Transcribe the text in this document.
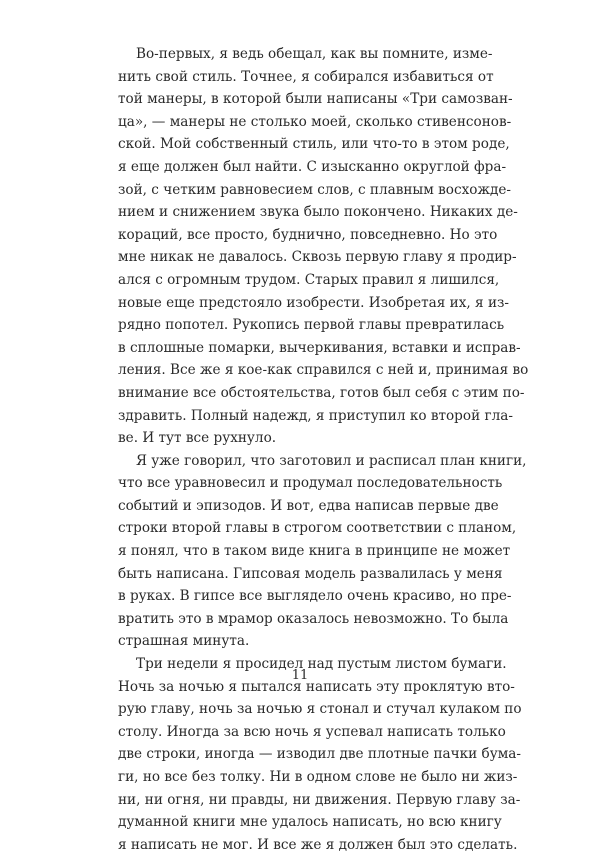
Во-первых, я ведь обещал, как вы помните, изме-
нить свой стиль. Точнее, я собирался избавиться от
той манеры, в которой были написаны «Три самозван-
ца», — манеры не столько моей, сколько стивенсонов-
ской. Мой собственный стиль, или что-то в этом роде,
я еще должен был найти. С изысканно округлой фра-
зой, с четким равновесием слов, с плавным восхожде-
нием и снижением звука было покончено. Никаких де-
кораций, все просто, буднично, повседневно. Но это
мне никак не давалось. Сквозь первую главу я продир-
ался с огромным трудом. Старых правил я лишился,
новые еще предстояло изобрести. Изобретая их, я из-
рядно попотел. Рукопись первой главы превратилась
в сплошные помарки, вычеркивания, вставки и исправ-
ления. Все же я кое-как справился с ней и, принимая во
внимание все обстоятельства, готов был себя с этим по-
здравить. Полный надежд, я приступил ко второй гла-
ве. И тут все рухнуло.
Я уже говорил, что заготовил и расписал план книги,
что все уравновесил и продумал последовательность
событий и эпизодов. И вот, едва написав первые две
строки второй главы в строгом соответствии с планом,
я понял, что в таком виде книга в принципе не может
быть написана. Гипсовая модель развалилась у меня
в руках. В гипсе все выглядело очень красиво, но пре-
вратить это в мрамор оказалось невозможно. То была
страшная минута.
Три недели я просидел над пустым листом бумаги.
Ночь за ночью я пытался написать эту проклятую вто-
рую главу, ночь за ночью я стонал и стучал кулаком по
столу. Иногда за всю ночь я успевал написать только
две строки, иногда — изводил две плотные пачки бума-
ги, но все без толку. Ни в одном слове не было ни жиз-
ни, ни огня, ни правды, ни движения. Первую главу за-
думанной книги мне удалось написать, но всю книгу
я написать не мог. И все же я должен был это сделать.
11
